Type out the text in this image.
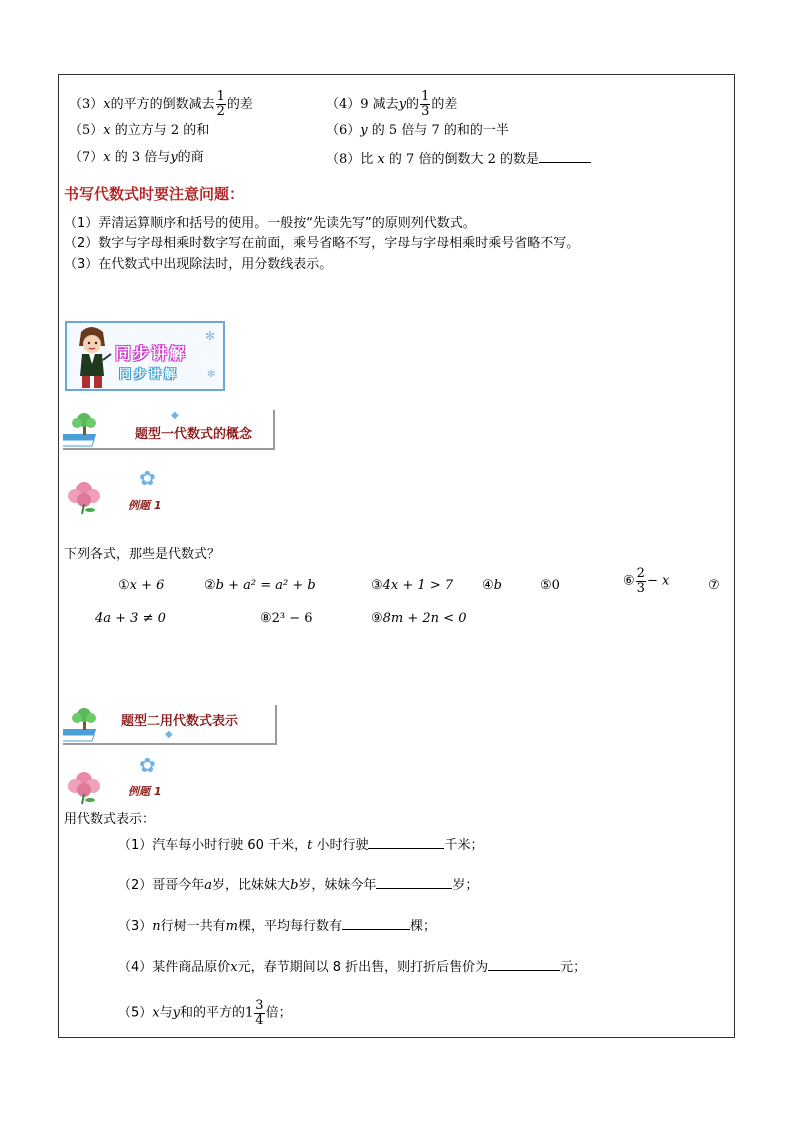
（3）x的平方的倒数减去 $\frac{1}{2}$ 的差	（4）9 减去y的 $\frac{1}{3}$ 的差
（5）x 的立方与 2 的和	（6）y 的 5 倍与 7 的和的一半
（7）x 的 3 倍与y的商	（8）比 x 的 7 倍的倒数大 2 的数是
书写代数式时要注意问题：
（1）弄清运算顺序和括号的使用。一般按“先读先写”的原则列代数式。
（2）数字与字母相乘时数字写在前面，乘号省略不写，字母与字母相乘时乘号省略不写。
（3）在代数式中出现除法时，用分数线表示。
同步讲解
同步讲解
✻
✻
题型一代数式的概念
◆
✿
例题 1
下列各式，那些是代数式？
①x + 6	②b + a² = a² + b	③4x + 1 > 7 ④b	⑤0	⑥ $\frac{2}{3} - x$	⑦
4a + 3 ≠ 0	⑧2³ − 6	⑨8m + 2n < 0
题型二用代数式表示
◆
✿
例题 1
用代数式表示：
（1）汽车每小时行驶 60 千米，t 小时行驶	千米；
（2）哥哥今年a岁，比妹妹大b岁，妹妹今年	岁；
（3）n行树一共有m棵，平均每行数有	棵；
（4）某件商品原价x元，春节期间以 8 折出售，则打折后售价为	元；
（5）x与y和的平方的$1 \frac{3}{4}$ 倍；
